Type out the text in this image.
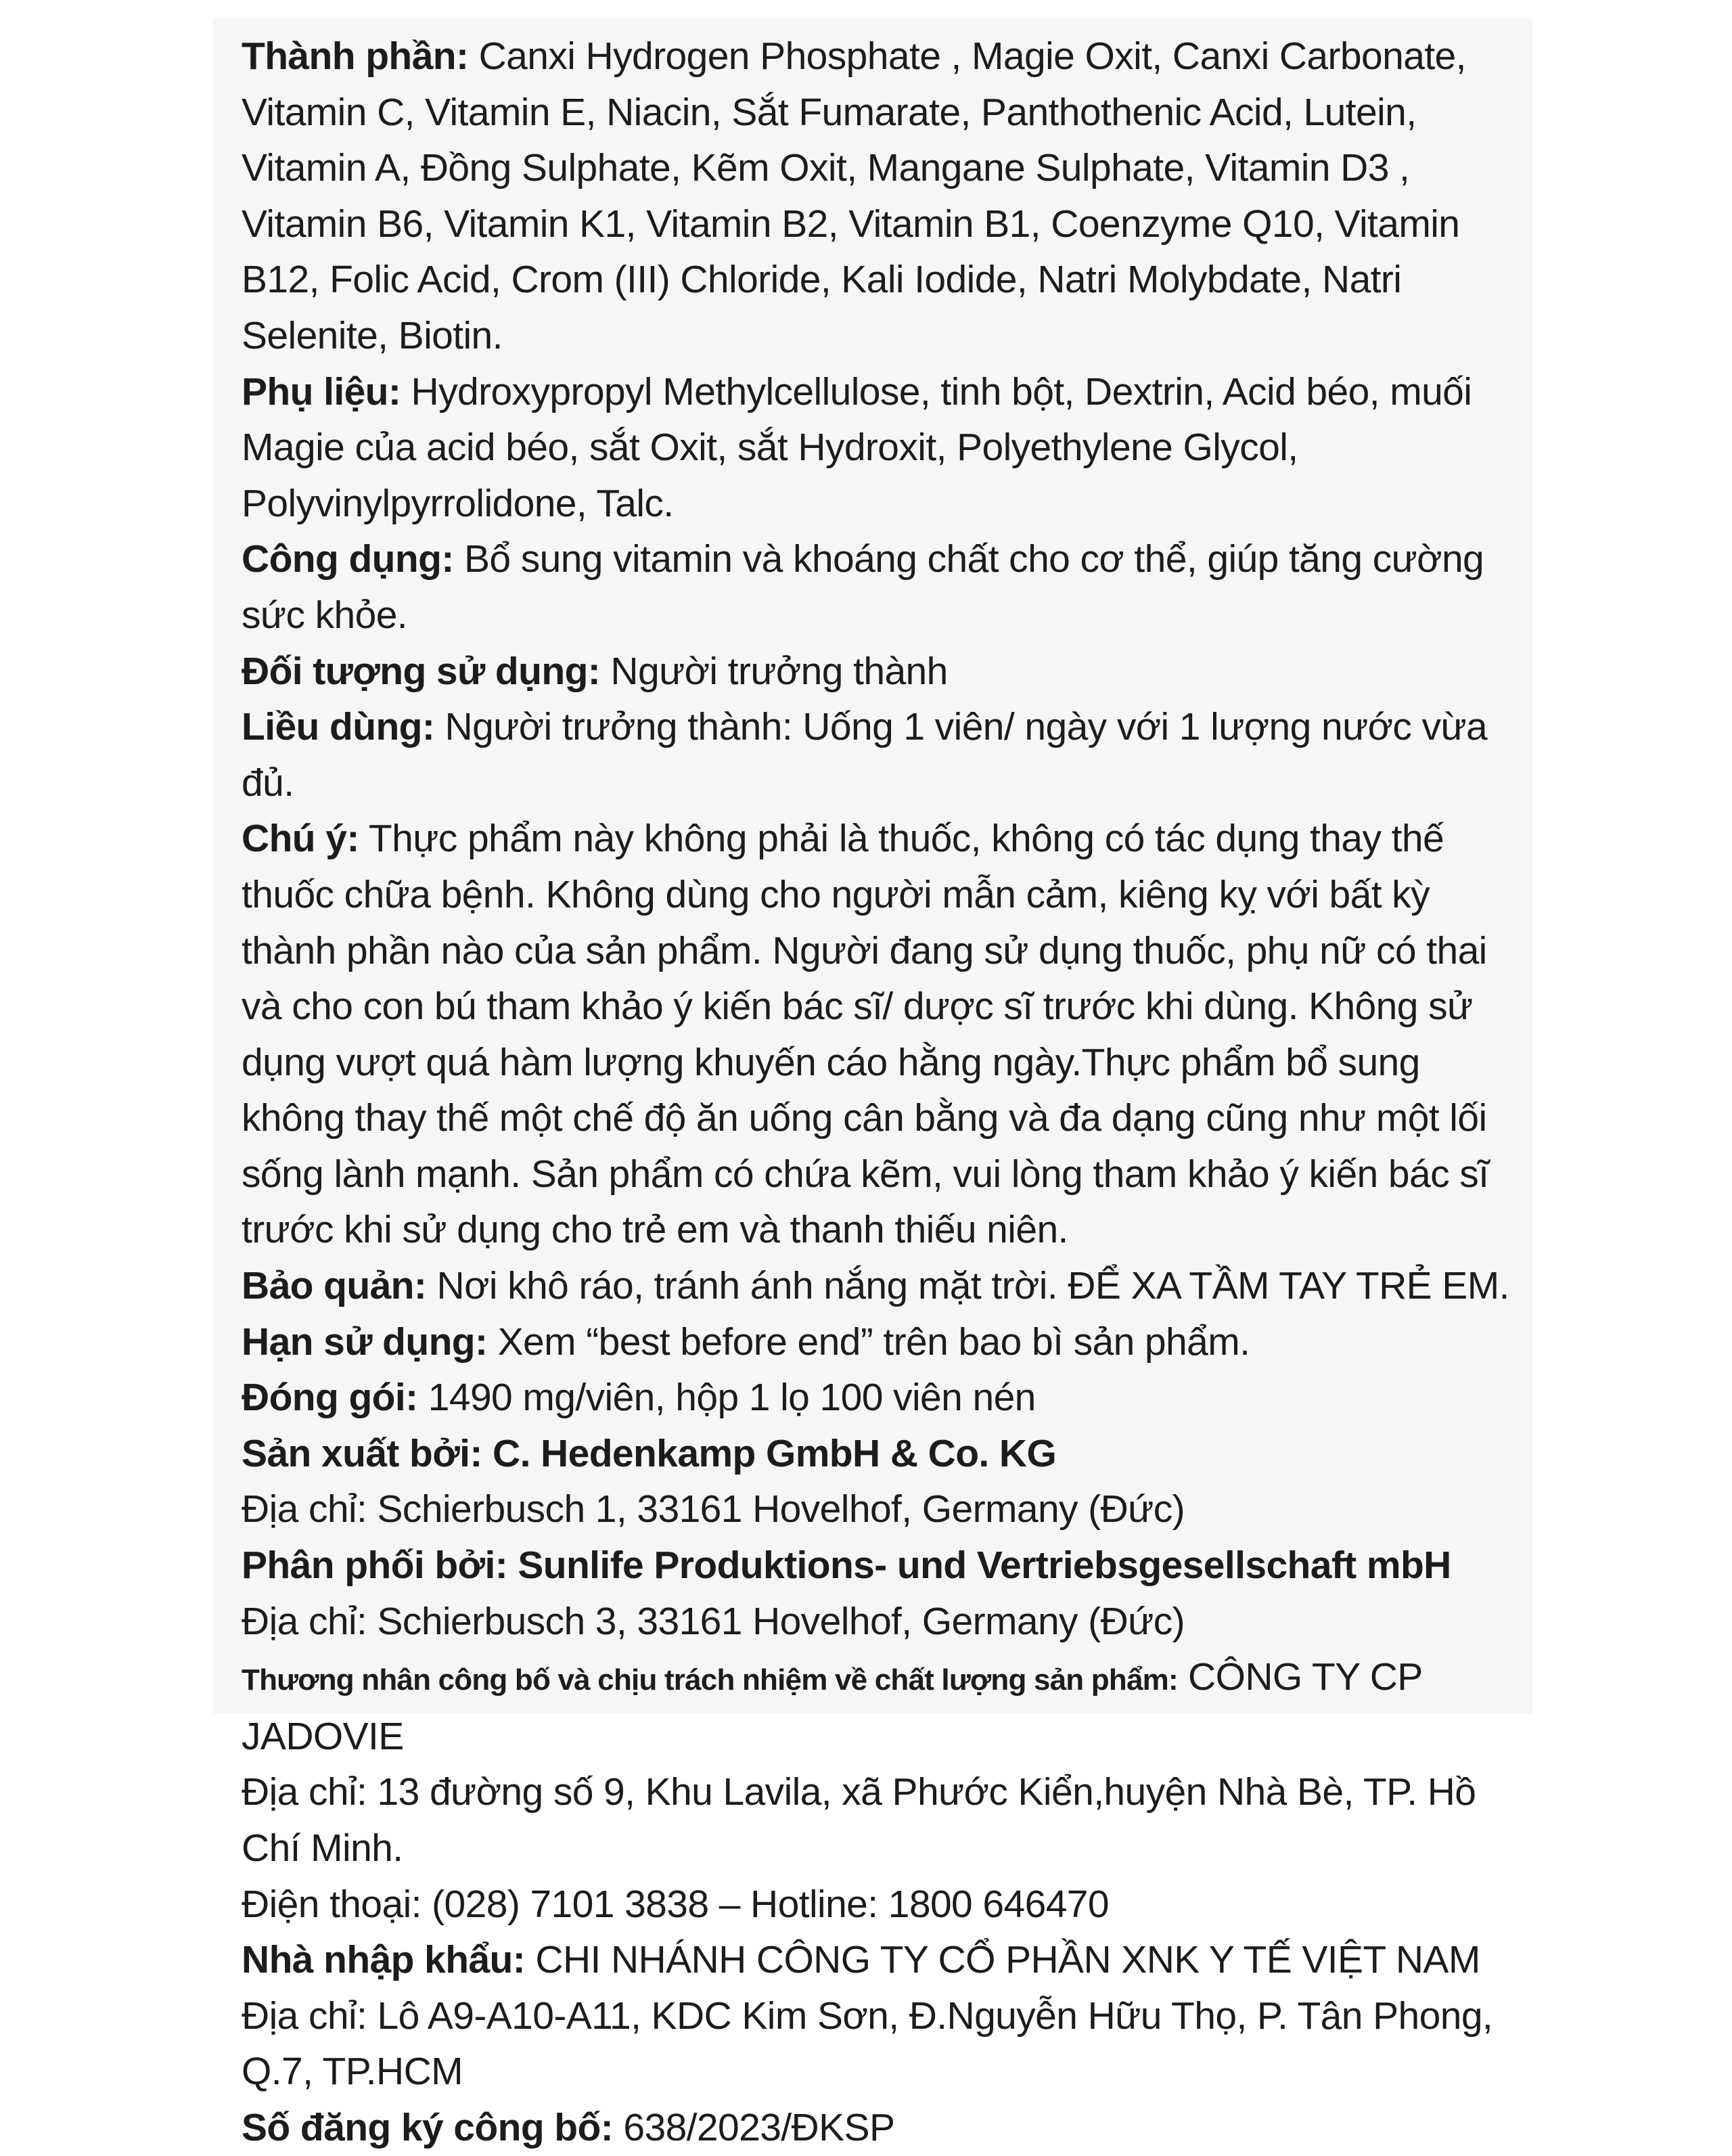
Thành phần: Canxi Hydrogen Phosphate , Magie Oxit, Canxi Carbonate, Vitamin C, Vitamin E, Niacin, Sắt Fumarate, Panthothenic Acid, Lutein, Vitamin A, Đồng Sulphate, Kẽm Oxit, Mangane Sulphate, Vitamin D3 , Vitamin B6, Vitamin K1, Vitamin B2, Vitamin B1, Coenzyme Q10, Vitamin B12, Folic Acid, Crom (III) Chloride, Kali Iodide, Natri Molybdate, Natri Selenite, Biotin.

Phụ liệu: Hydroxypropyl Methylcellulose, tinh bột, Dextrin, Acid béo, muối Magie của acid béo, sắt Oxit, sắt Hydroxit, Polyethylene Glycol, Polyvinylpyrrolidone, Talc.

Công dụng: Bổ sung vitamin và khoáng chất cho cơ thể, giúp tăng cường sức khỏe.

Đối tượng sử dụng: Người trưởng thành

Liều dùng: Người trưởng thành: Uống 1 viên/ ngày với 1 lượng nước vừa đủ.

Chú ý: Thực phẩm này không phải là thuốc, không có tác dụng thay thế thuốc chữa bệnh. Không dùng cho người mẫn cảm, kiêng kỵ với bất kỳ thành phần nào của sản phẩm. Người đang sử dụng thuốc, phụ nữ có thai và cho con bú tham khảo ý kiến bác sĩ/ dược sĩ trước khi dùng. Không sử dụng vượt quá hàm lượng khuyến cáo hằng ngày.Thực phẩm bổ sung không thay thế một chế độ ăn uống cân bằng và đa dạng cũng như một lối sống lành mạnh. Sản phẩm có chứa kẽm, vui lòng tham khảo ý kiến bác sĩ trước khi sử dụng cho trẻ em và thanh thiếu niên.

Bảo quản: Nơi khô ráo, tránh ánh nắng mặt trời. ĐỂ XA TẦM TAY TRẺ EM.

Hạn sử dụng: Xem “best before end” trên bao bì sản phẩm.

Đóng gói: 1490 mg/viên, hộp 1 lọ 100 viên nén

Sản xuất bởi: C. Hedenkamp GmbH & Co. KG

Địa chỉ: Schierbusch 1, 33161 Hovelhof, Germany (Đức)

Phân phối bởi: Sunlife Produktions- und Vertriebsgesellschaft mbH

Địa chỉ: Schierbusch 3, 33161 Hovelhof, Germany (Đức)

Thương nhân công bố và chịu trách nhiệm về chất lượng sản phẩm: CÔNG TY CP JADOVIE

Địa chỉ: 13 đường số 9, Khu Lavila, xã Phước Kiển,huyện Nhà Bè, TP. Hồ Chí Minh.

Điện thoại: (028) 7101 3838 – Hotline: 1800 646470

Nhà nhập khẩu: CHI NHÁNH CÔNG TY CỔ PHẦN XNK Y TẾ VIỆT NAM

Địa chỉ: Lô A9-A10-A11, KDC Kim Sơn, Đ.Nguyễn Hữu Thọ, P. Tân Phong, Q.7, TP.HCM

Số đăng ký công bố: 638/2023/ĐKSP
